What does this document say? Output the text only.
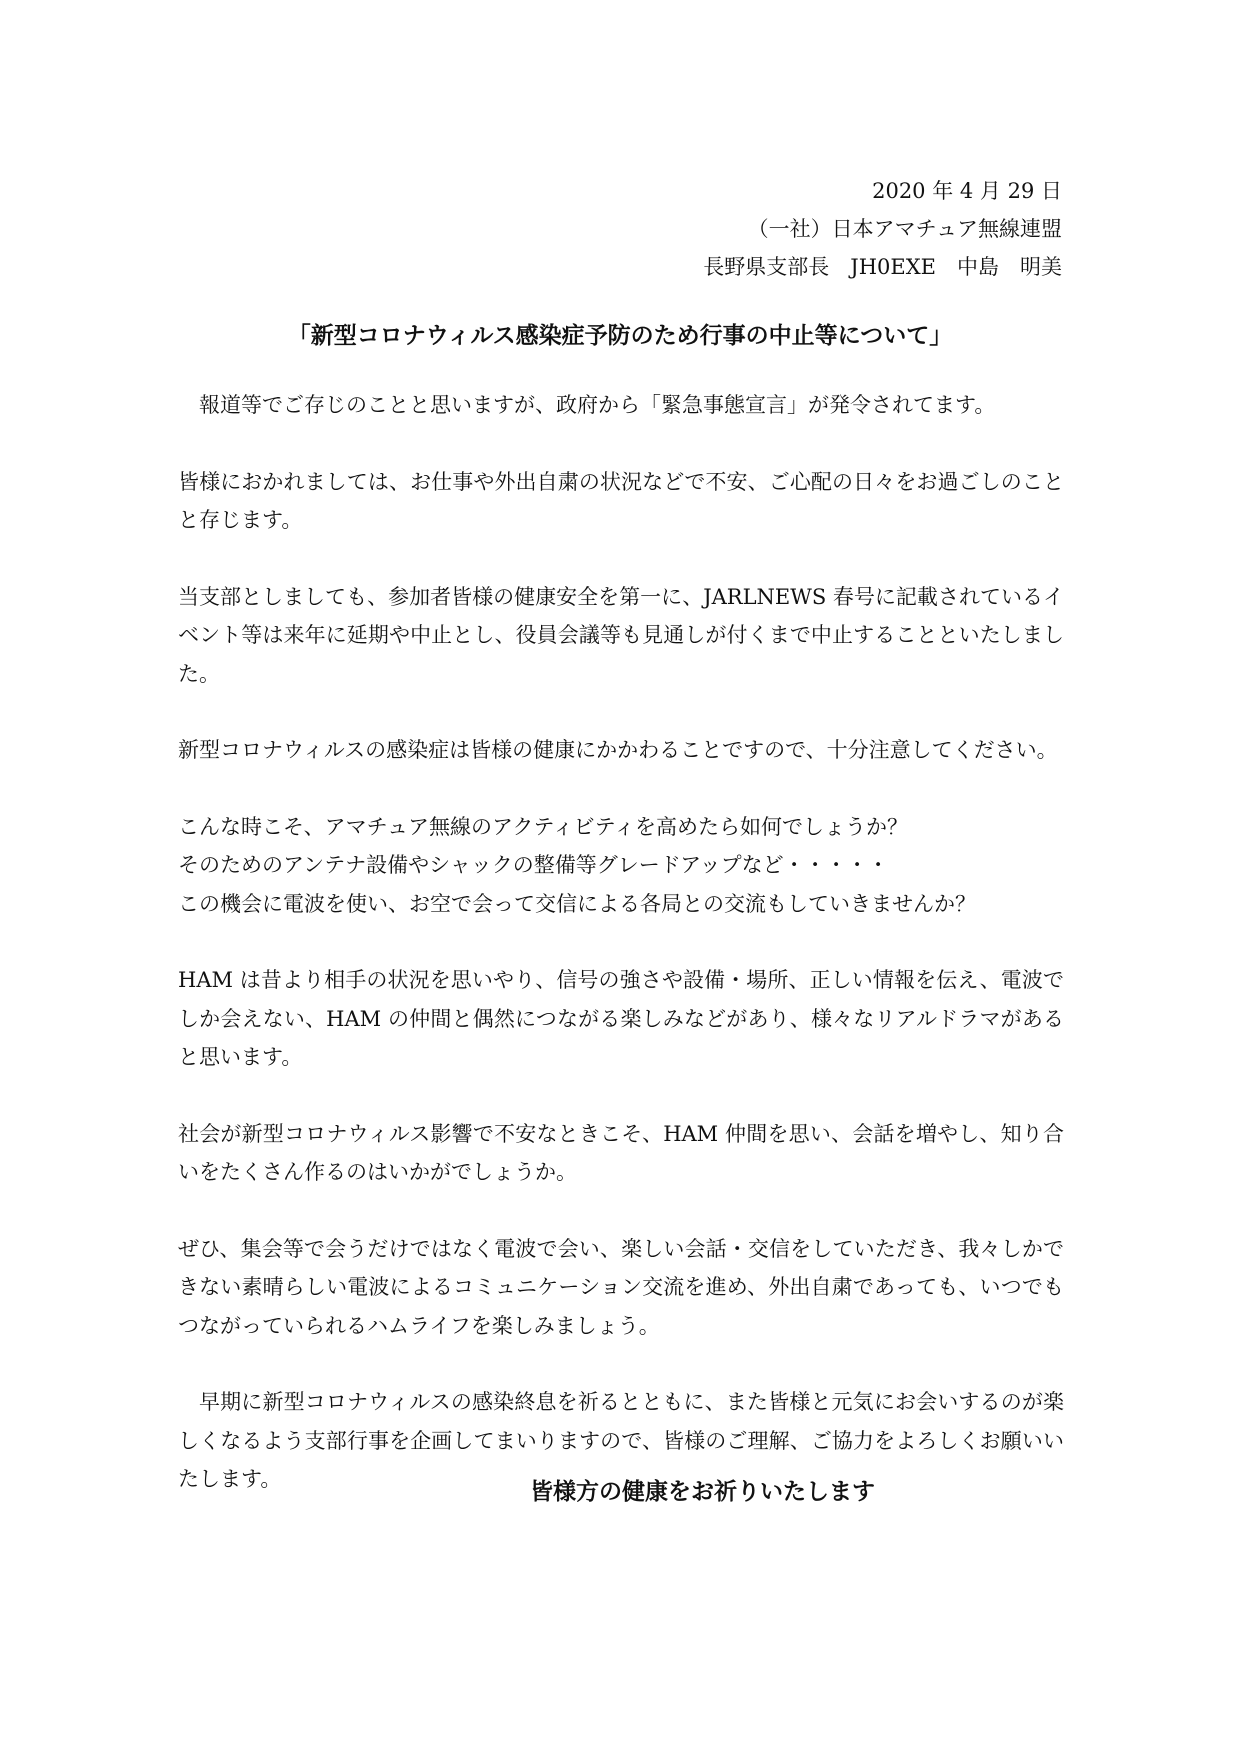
2020 年 4 月 29 日
（一社）日本アマチュア無線連盟
長野県支部長　JH0EXE　中島　明美
「新型コロナウィルス感染症予防のため行事の中止等について」

報道等でご存じのことと思いますが、政府から「緊急事態宣言」が発令されてます。

皆様におかれましては、お仕事や外出自粛の状況などで不安、ご心配の日々をお過ごしのことと存じます。

当支部としましても、参加者皆様の健康安全を第一に、JARLNEWS 春号に記載されているイベント等は来年に延期や中止とし、役員会議等も見通しが付くまで中止することといたしました。

新型コロナウィルスの感染症は皆様の健康にかかわることですので、十分注意してください。

こんな時こそ、アマチュア無線のアクティビティを高めたら如何でしょうか？
そのためのアンテナ設備やシャックの整備等グレードアップなど・・・・・
この機会に電波を使い、お空で会って交信による各局との交流もしていきませんか？

HAM は昔より相手の状況を思いやり、信号の強さや設備・場所、正しい情報を伝え、電波でしか会えない、HAM の仲間と偶然につながる楽しみなどがあり、様々なリアルドラマがあると思います。

社会が新型コロナウィルス影響で不安なときこそ、HAM 仲間を思い、会話を増やし、知り合いをたくさん作るのはいかがでしょうか。

ぜひ、集会等で会うだけではなく電波で会い、楽しい会話・交信をしていただき、我々しかできない素晴らしい電波によるコミュニケーション交流を進め、外出自粛であっても、いつでもつながっていられるハムライフを楽しみましょう。

早期に新型コロナウィルスの感染終息を祈るとともに、また皆様と元気にお会いするのが楽しくなるよう支部行事を企画してまいりますので、皆様のご理解、ご協力をよろしくお願いいたします。	皆様方の健康をお祈りいたします
